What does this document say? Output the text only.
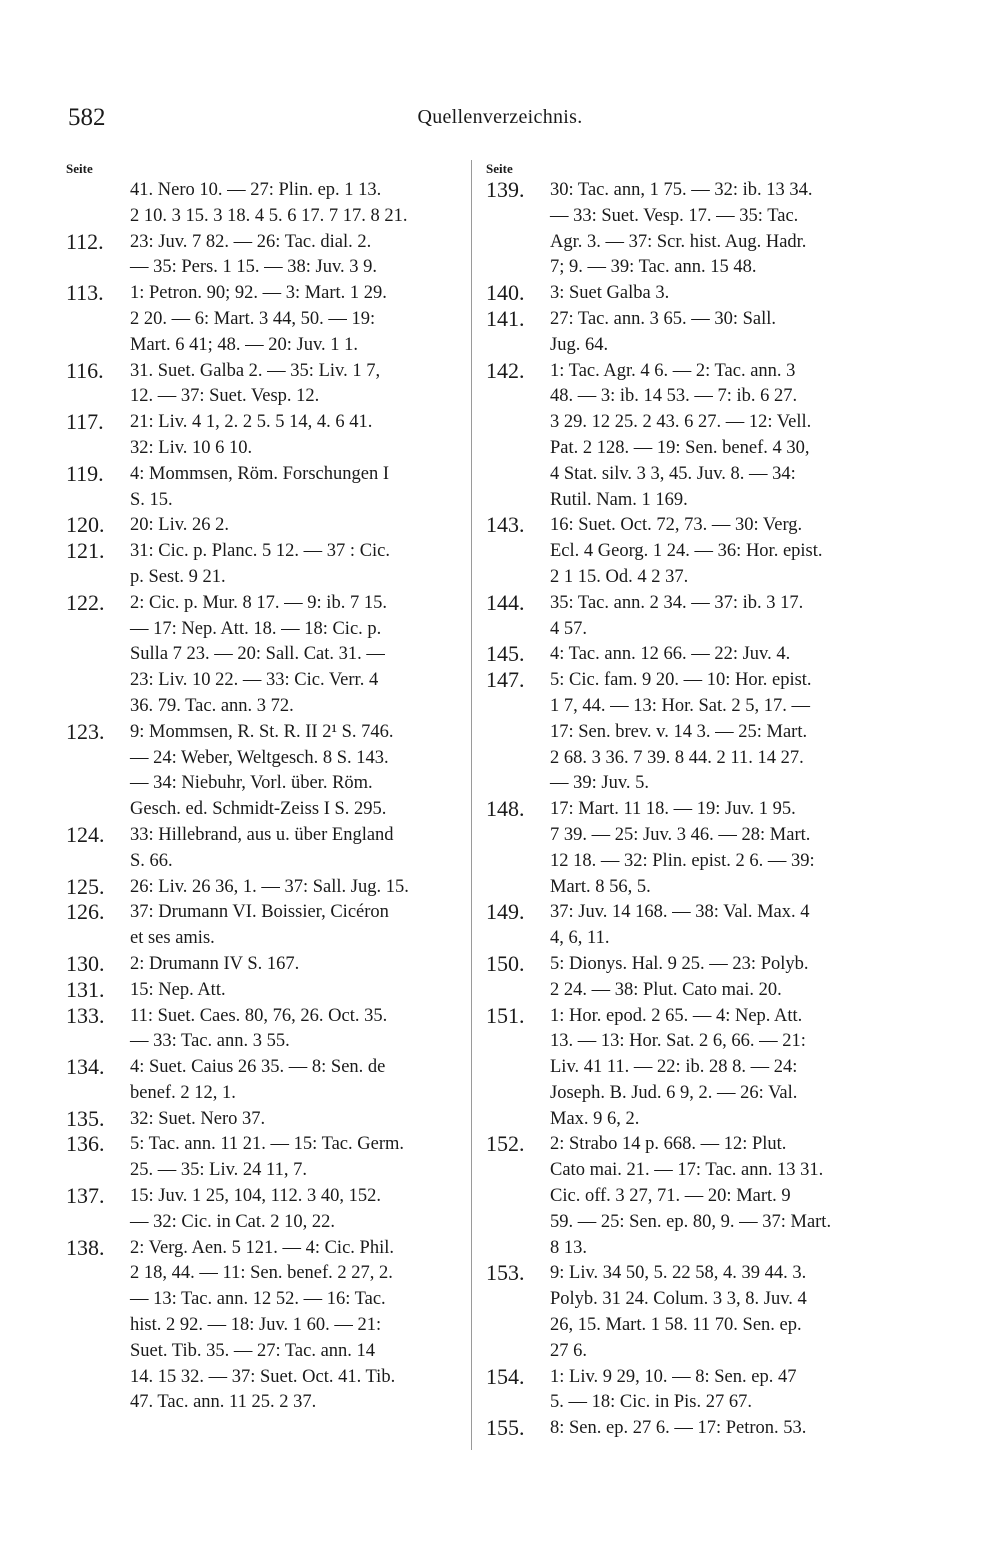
582	Quellenverzeichnis.
Seite
41. Nero 10. — 27: Plin. ep. 1 13.
2 10. 3 15. 3 18. 4 5. 6 17. 7 17. 8 21.
112.	23: Juv. 7 82. — 26: Tac. dial. 2.
— 35: Pers. 1 15. — 38: Juv. 3 9.
113.	1: Petron. 90; 92. — 3: Mart. 1 29.
2 20. — 6: Mart. 3 44, 50. — 19:
Mart. 6 41; 48. — 20: Juv. 1 1.
116.	31. Suet. Galba 2. — 35: Liv. 1 7,
12. — 37: Suet. Vesp. 12.
117.	21: Liv. 4 1, 2. 2 5. 5 14, 4. 6 41.
32: Liv. 10 6 10.
119.	4: Mommsen, Röm. Forschungen I
S. 15.
120.	20: Liv. 26 2.
121.	31: Cic. p. Planc. 5 12. — 37 : Cic.
p. Sest. 9 21.
122.	2: Cic. p. Mur. 8 17. — 9: ib. 7 15.
— 17: Nep. Att. 18. — 18: Cic. p.
Sulla 7 23. — 20: Sall. Cat. 31. —
23: Liv. 10 22. — 33: Cic. Verr. 4
36. 79. Tac. ann. 3 72.
123.	9: Mommsen, R. St. R. II 2¹ S. 746.
— 24: Weber, Weltgesch. 8 S. 143.
— 34: Niebuhr, Vorl. über. Röm.
Gesch. ed. Schmidt-Zeiss I S. 295.
124.	33: Hillebrand, aus u. über England
S. 66.
125.	26: Liv. 26 36, 1. — 37: Sall. Jug. 15.
126.	37: Drumann VI. Boissier, Cicéron
et ses amis.
130.	2: Drumann IV S. 167.
131.	15: Nep. Att.
133.	11: Suet. Caes. 80, 76, 26. Oct. 35.
— 33: Tac. ann. 3 55.
134.	4: Suet. Caius 26 35. — 8: Sen. de
benef. 2 12, 1.
135.	32: Suet. Nero 37.
136.	5: Tac. ann. 11 21. — 15: Tac. Germ.
25. — 35: Liv. 24 11, 7.
137.	15: Juv. 1 25, 104, 112. 3 40, 152.
— 32: Cic. in Cat. 2 10, 22.
138.	2: Verg. Aen. 5 121. — 4: Cic. Phil.
2 18, 44. — 11: Sen. benef. 2 27, 2.
— 13: Tac. ann. 12 52. — 16: Tac.
hist. 2 92. — 18: Juv. 1 60. — 21:
Suet. Tib. 35. — 27: Tac. ann. 14
14. 15 32. — 37: Suet. Oct. 41. Tib.
47. Tac. ann. 11 25. 2 37.
Seite
139.	30: Tac. ann, 1 75. — 32: ib. 13 34.
— 33: Suet. Vesp. 17. — 35: Tac.
Agr. 3. — 37: Scr. hist. Aug. Hadr.
7; 9. — 39: Tac. ann. 15 48.
140.	3: Suet Galba 3.
141.	27: Tac. ann. 3 65. — 30: Sall.
Jug. 64.
142.	1: Tac. Agr. 4 6. — 2: Tac. ann. 3
48. — 3: ib. 14 53. — 7: ib. 6 27.
3 29. 12 25. 2 43. 6 27. — 12: Vell.
Pat. 2 128. — 19: Sen. benef. 4 30,
4 Stat. silv. 3 3, 45. Juv. 8. — 34:
Rutil. Nam. 1 169.
143.	16: Suet. Oct. 72, 73. — 30: Verg.
Ecl. 4 Georg. 1 24. — 36: Hor. epist.
2 1 15. Od. 4 2 37.
144.	35: Tac. ann. 2 34. — 37: ib. 3 17.
4 57.
145.	4: Tac. ann. 12 66. — 22: Juv. 4.
147.	5: Cic. fam. 9 20. — 10: Hor. epist.
1 7, 44. — 13: Hor. Sat. 2 5, 17. —
17: Sen. brev. v. 14 3. — 25: Mart.
2 68. 3 36. 7 39. 8 44. 2 11. 14 27.
— 39: Juv. 5.
148.	17: Mart. 11 18. — 19: Juv. 1 95.
7 39. — 25: Juv. 3 46. — 28: Mart.
12 18. — 32: Plin. epist. 2 6. — 39:
Mart. 8 56, 5.
149.	37: Juv. 14 168. — 38: Val. Max. 4
4, 6, 11.
150.	5: Dionys. Hal. 9 25. — 23: Polyb.
2 24. — 38: Plut. Cato mai. 20.
151.	1: Hor. epod. 2 65. — 4: Nep. Att.
13. — 13: Hor. Sat. 2 6, 66. — 21:
Liv. 41 11. — 22: ib. 28 8. — 24:
Joseph. B. Jud. 6 9, 2. — 26: Val.
Max. 9 6, 2.
152.	2: Strabo 14 p. 668. — 12: Plut.
Cato mai. 21. — 17: Tac. ann. 13 31.
Cic. off. 3 27, 71. — 20: Mart. 9
59. — 25: Sen. ep. 80, 9. — 37: Mart.
8 13.
153.	9: Liv. 34 50, 5. 22 58, 4. 39 44. 3.
Polyb. 31 24. Colum. 3 3, 8. Juv. 4
26, 15. Mart. 1 58. 11 70. Sen. ep.
27 6.
154.	1: Liv. 9 29, 10. — 8: Sen. ep. 47
5. — 18: Cic. in Pis. 27 67.
155.	8: Sen. ep. 27 6. — 17: Petron. 53.
